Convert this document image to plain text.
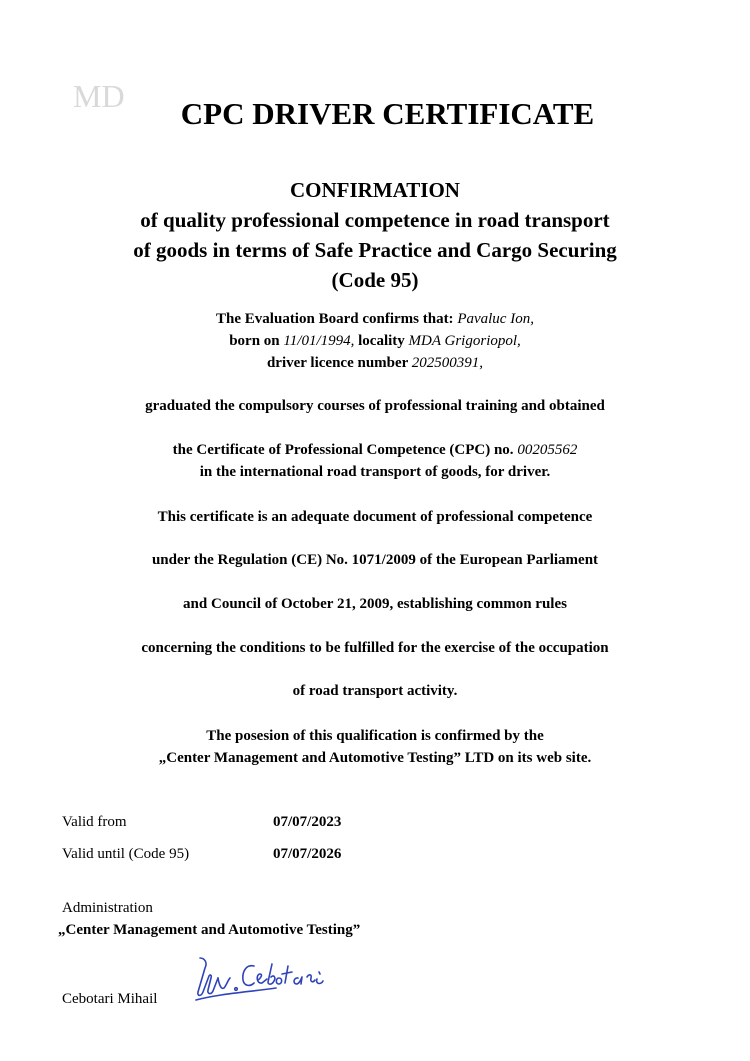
MD	CPC DRIVER CERTIFICATE
CONFIRMATION
of quality professional competence in road transport
of goods in terms of Safe Practice and Cargo Securing
(Code 95)
The Evaluation Board confirms that: Pavaluc Ion,
born on 11/01/1994, locality MDA Grigoriopol,
driver licence number 202500391,
graduated the compulsory courses of professional training and obtained
the Certificate of Professional Competence (CPC) no. 00205562
in the international road transport of goods, for driver.
This certificate is an adequate document of professional competence
under the Regulation (CE) No. 1071/2009 of the European Parliament
and Council of October 21, 2009, establishing common rules
concerning the conditions to be fulfilled for the exercise of the occupation
of road transport activity.
The posesion of this qualification is confirmed by the
„Center Management and Automotive Testing” LTD on its web site.
Valid from	07/07/2023
Valid until (Code 95)	07/07/2026
Administration
„Center Management and Automotive Testing”
Cebotari Mihail
